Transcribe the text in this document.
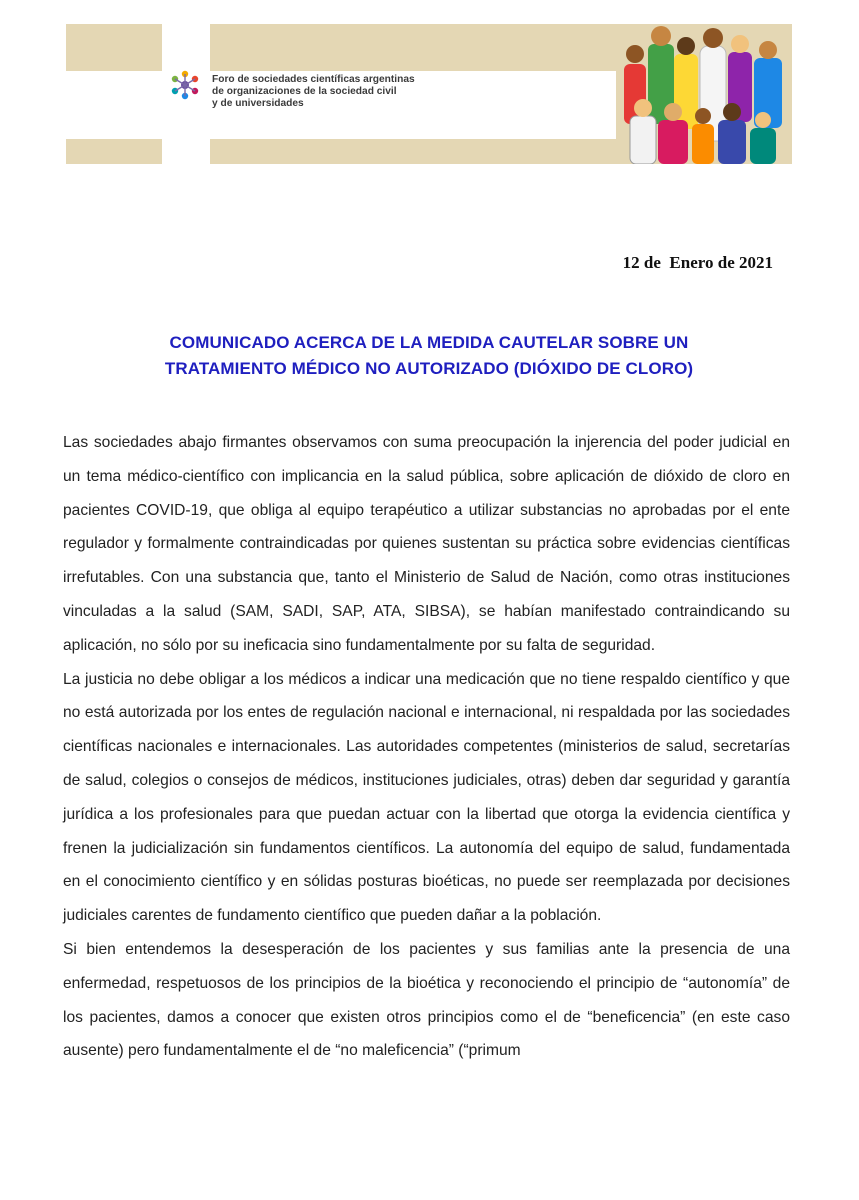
Foro de sociedades científicas argentinas
de organizaciones de la sociedad civil
y de universidades
12 de  Enero de 2021
COMUNICADO ACERCA DE LA MEDIDA CAUTELAR SOBRE UN
TRATAMIENTO MÉDICO NO AUTORIZADO (DIÓXIDO DE CLORO)

Las sociedades abajo firmantes observamos con suma preocupación la injerencia del poder judicial en un tema médico-científico con implicancia en la salud pública, sobre aplicación de dióxido de cloro en pacientes COVID-19, que obliga al equipo terapéutico a utilizar substancias no aprobadas por el ente regulador y formalmente contraindicadas por quienes sustentan su práctica sobre evidencias científicas irrefutables. Con una substancia que, tanto el Ministerio de Salud de Nación, como otras instituciones vinculadas a la salud (SAM, SADI, SAP, ATA, SIBSA), se habían manifestado contraindicando su aplicación, no sólo por su ineficacia sino fundamentalmente por su falta de seguridad.

La justicia no debe obligar a los médicos a indicar una medicación que no tiene respaldo científico y que no está autorizada por los entes de regulación nacional e internacional, ni respaldada por las sociedades científicas nacionales e internacionales. Las autoridades competentes (ministerios de salud, secretarías de salud, colegios o consejos de médicos, instituciones judiciales, otras) deben dar seguridad y garantía jurídica a los profesionales para que puedan actuar con la libertad que otorga la evidencia científica y frenen la judicialización sin fundamentos científicos. La autonomía del equipo de salud, fundamentada en el conocimiento científico y en sólidas posturas bioéticas, no puede ser reemplazada por decisiones judiciales carentes de fundamento científico que pueden dañar a la población.

Si bien entendemos la desesperación de los pacientes y sus familias ante la presencia de una enfermedad, respetuosos de los principios de la bioética y reconociendo el principio de “autonomía” de los pacientes, damos a conocer que existen otros principios como el de “beneficencia” (en este caso ausente) pero fundamentalmente el de “no maleficencia” (“primum
